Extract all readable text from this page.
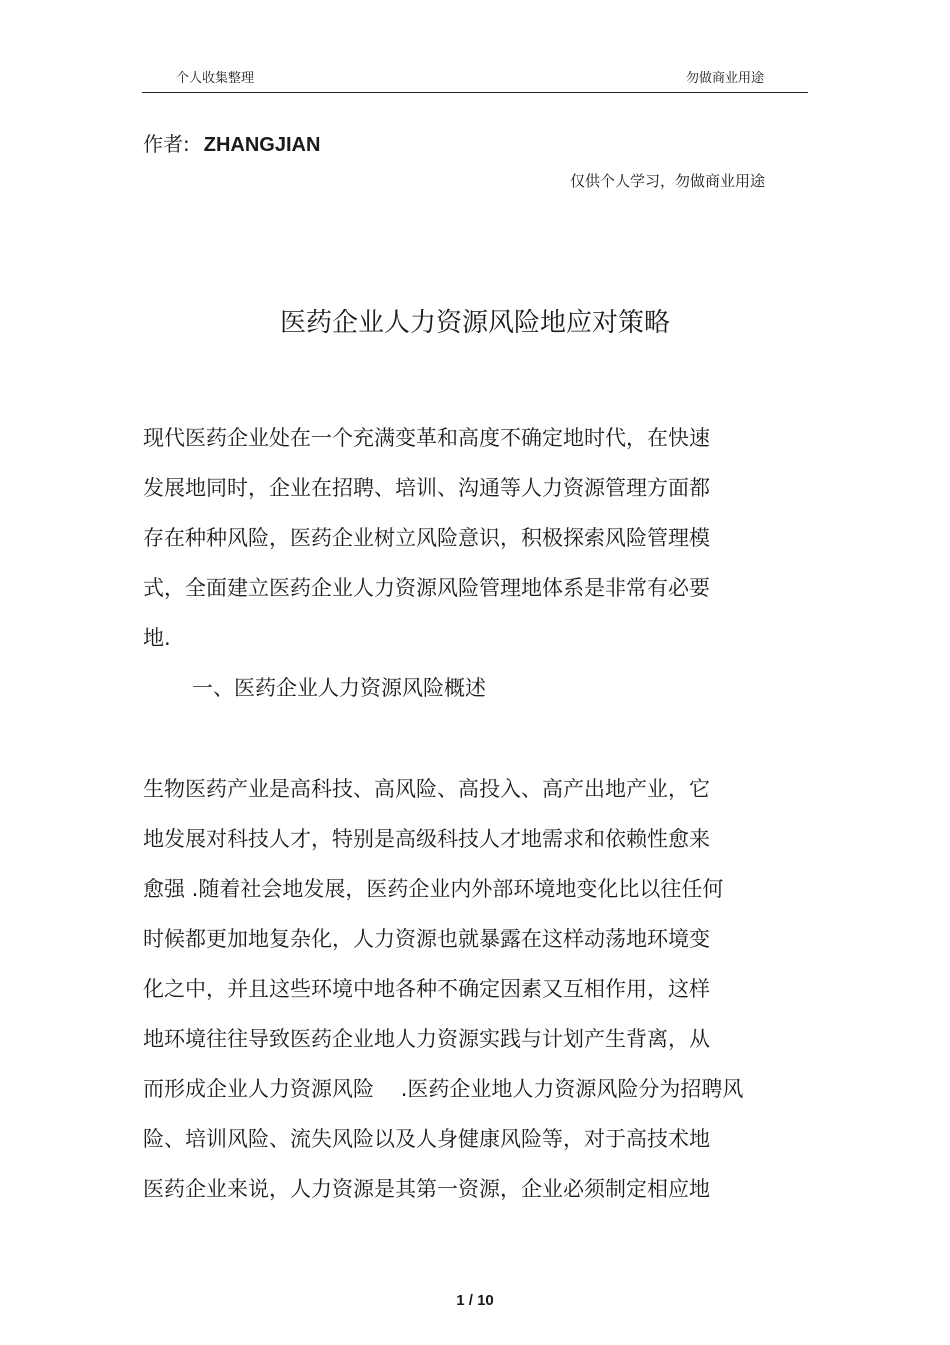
个人收集整理	勿做商业用途
作者: ZHANGJIAN
仅供个人学习，勿做商业用途
医药企业人力资源风险地应对策略
现代医药企业处在一个充满变革和高度不确定地时代，在快速
发展地同时，企业在招聘、培训、沟通等人力资源管理方面都
存在种种风险，医药企业树立风险意识，积极探索风险管理模
式，全面建立医药企业人力资源风险管理地体系是非常有必要
地.
一、医药企业人力资源风险概述
生物医药产业是高科技、高风险、高投入、高产出地产业，它
地发展对科技人才，特别是高级科技人才地需求和依赖性愈来
愈强 .随着社会地发展，医药企业内外部环境地变化比以往任何
时候都更加地复杂化，人力资源也就暴露在这样动荡地环境变
化之中，并且这些环境中地各种不确定因素又互相作用，这样
地环境往往导致医药企业地人力资源实践与计划产生背离，从
而形成企业人力资源风险    .医药企业地人力资源风险分为招聘风
险、培训风险、流失风险以及人身健康风险等，对于高技术地
医药企业来说，人力资源是其第一资源，企业必须制定相应地
1 / 10
